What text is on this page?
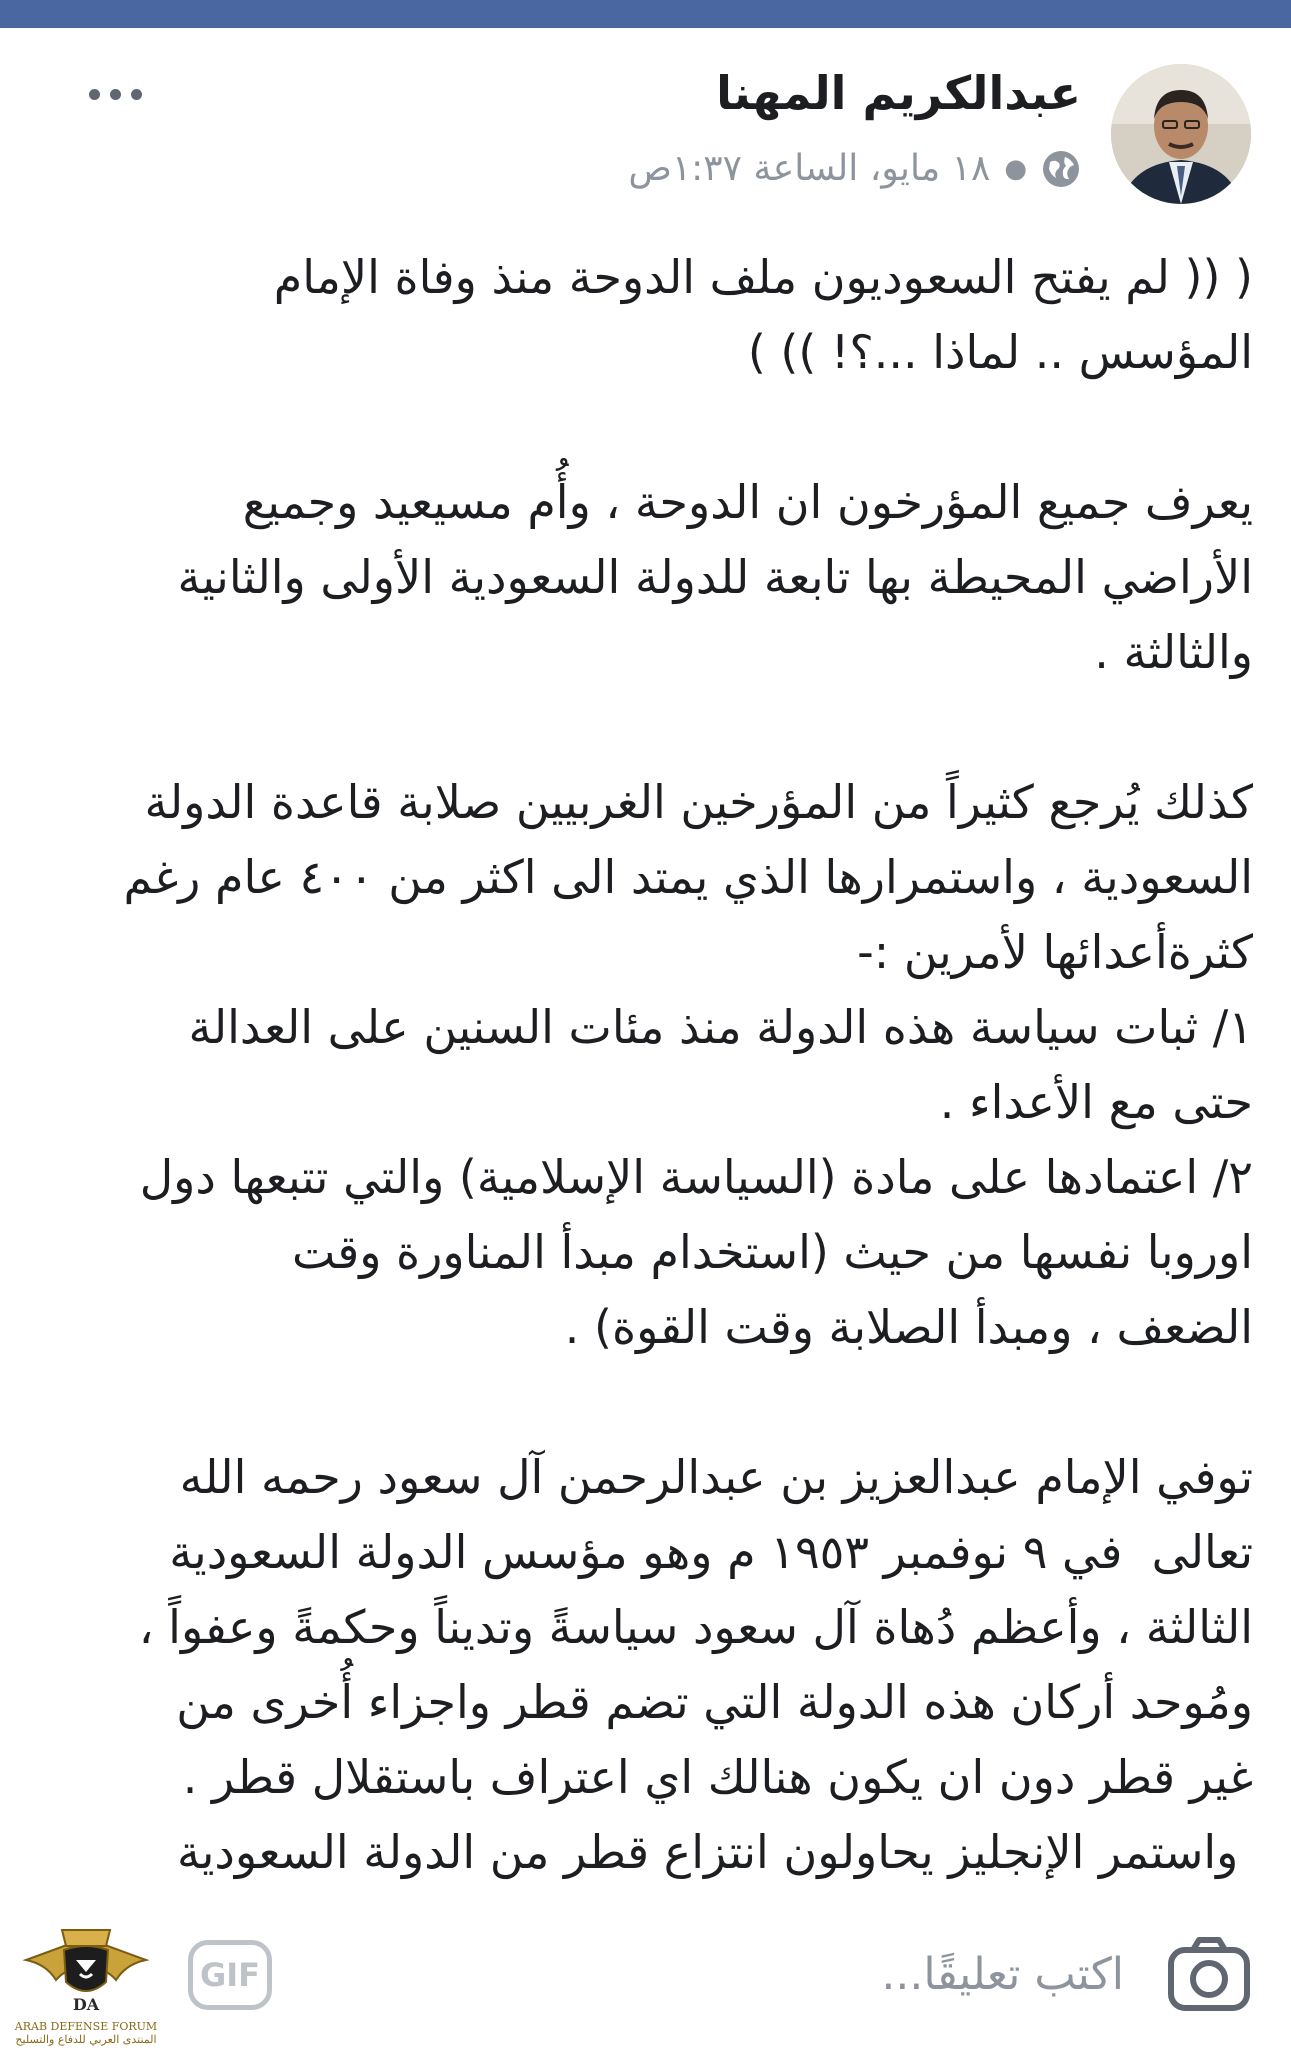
عبدالكريم المهنا
١٨ مايو، الساعة ١:٣٧ص ●

( (( لم يفتح السعوديون ملف الدوحة منذ وفاة الإمام
المؤسس .. لماذا ...؟! )) )

يعرف جميع المؤرخون ان الدوحة ، وأُم مسيعيد وجميع
الأراضي المحيطة بها تابعة للدولة السعودية الأولى والثانية
والثالثة .

كذلك يُرجع كثيراً من المؤرخين الغربيين صلابة قاعدة الدولة
السعودية ، واستمرارها الذي يمتد الى اكثر من ٤٠٠ عام رغم
كثرةأعدائها لأمرين :-
١/ ثبات سياسة هذه الدولة منذ مئات السنين على العدالة
حتى مع الأعداء .
٢/ اعتمادها على مادة (السياسة الإسلامية) والتي تتبعها دول
اوروبا نفسها من حيث (استخدام مبدأ المناورة وقت
الضعف ، ومبدأ الصلابة وقت القوة) .

توفي الإمام عبدالعزيز بن عبدالرحمن آل سعود رحمه الله
تعالى  في ٩ نوفمبر ١٩٥٣ م وهو مؤسس الدولة السعودية
الثالثة ، وأعظم دُهاة آل سعود سياسةً وتديناً وحكمةً وعفواً ،
ومُوحد أركان هذه الدولة التي تضم قطر واجزاء أُخرى من
غير قطر دون ان يكون هنالك اي اعتراف باستقلال قطر .
واستمر الإنجليز يحاولون انتزاع قطر من الدولة السعودية

اكتب تعليقًا...
GIF
DA
ARAB DEFENSE FORUM
المنتدى العربي للدفاع والتسليح
